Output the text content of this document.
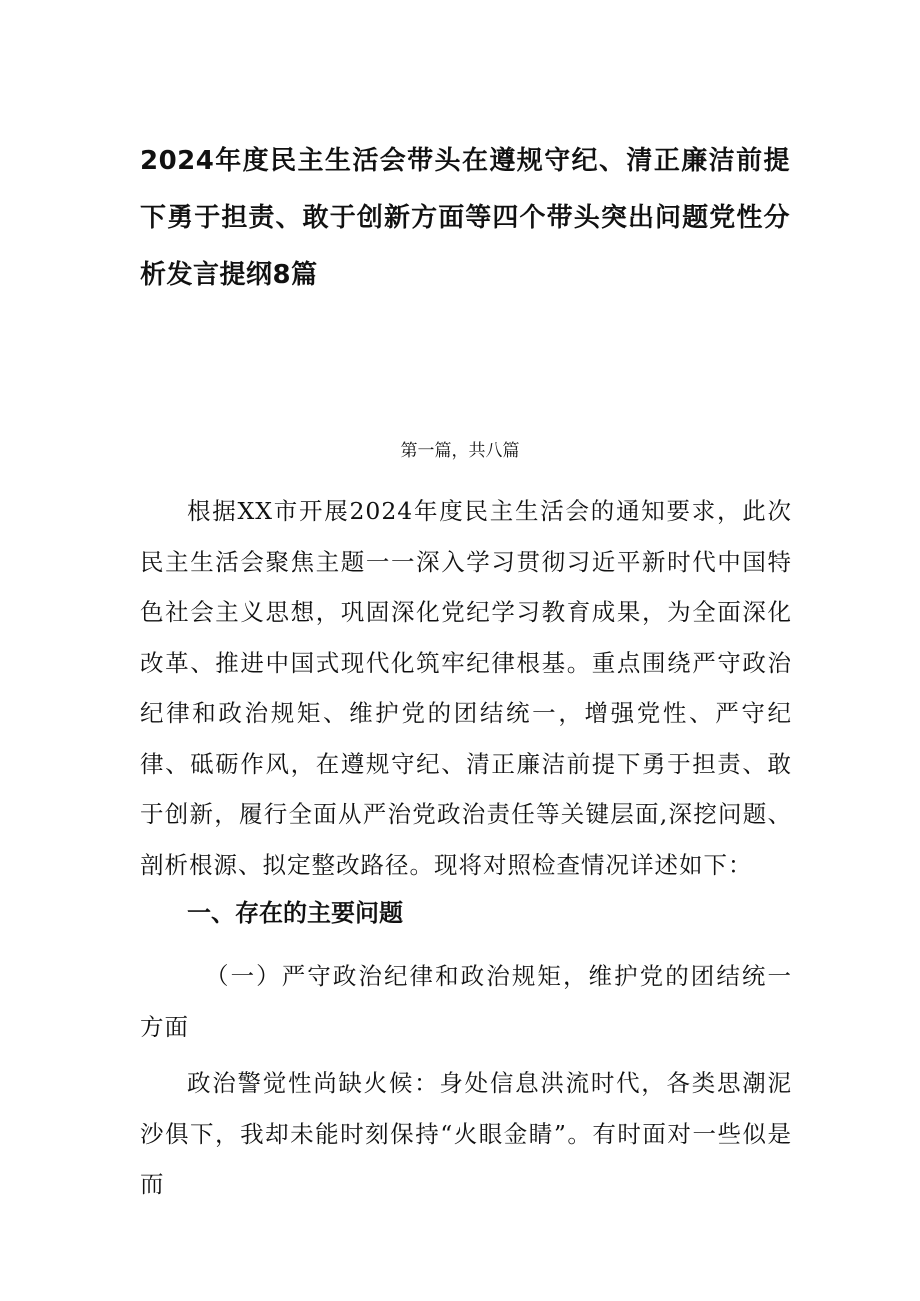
2024年度民主生活会带头在遵规守纪、清正廉洁前提下勇于担责、敢于创新方面等四个带头突出问题党性分析发言提纲8篇
第一篇，共八篇
根据XX市开展2024年度民主生活会的通知要求，此次民主生活会聚焦主题一一深入学习贯彻习近平新时代中国特色社会主义思想，巩固深化党纪学习教育成果，为全面深化改革、推进中国式现代化筑牢纪律根基。重点围绕严守政治纪律和政治规矩、维护党的团结统一，增强党性、严守纪律、砥砺作风，在遵规守纪、清正廉洁前提下勇于担责、敢于创新，履行全面从严治党政治责任等关键层面,深挖问题、剖析根源、拟定整改路径。现将对照检查情况详述如下：
一、存在的主要问题
（一）严守政治纪律和政治规矩，维护党的团结统一方面
政治警觉性尚缺火候：身处信息洪流时代，各类思潮泥沙俱下，我却未能时刻保持“火眼金睛”。有时面对一些似是而
